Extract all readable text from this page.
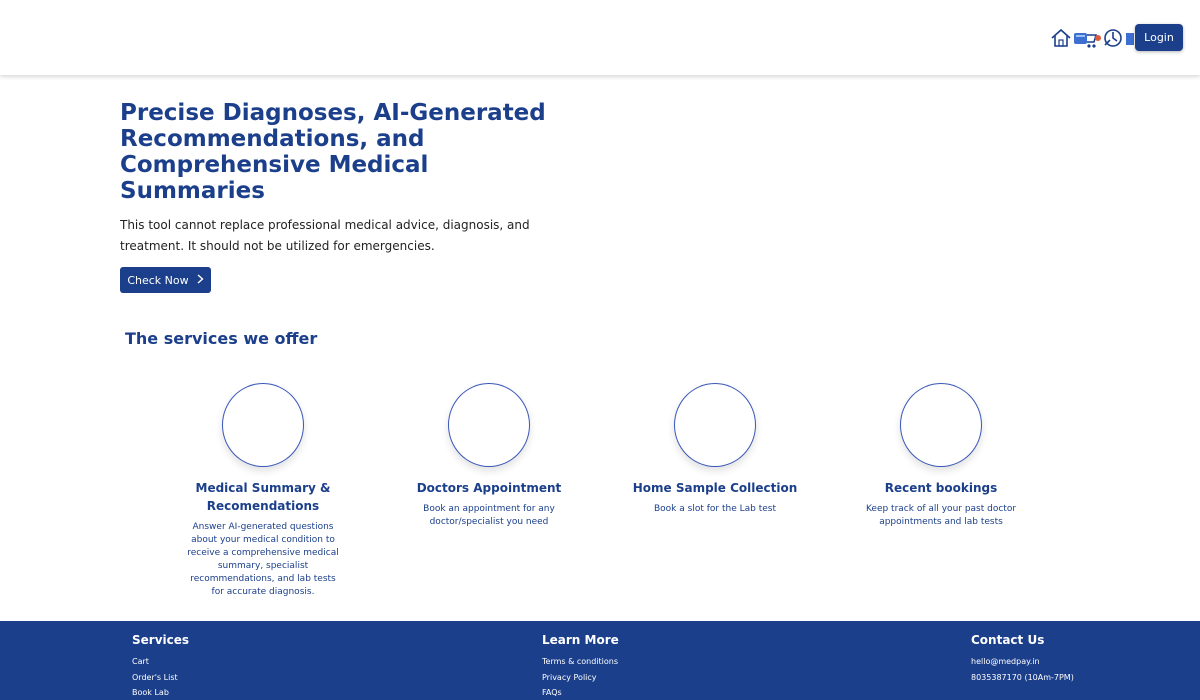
Login
Precise Diagnoses, AI-Generated Recommendations, and Comprehensive Medical Summaries

This tool cannot replace professional medical advice, diagnosis, and treatment. It should not be utilized for emergencies.

Check Now
The services we offer
Medical Summary & Recomendations
Answer AI-generated questions about your medical condition to receive a comprehensive medical summary, specialist recommendations, and lab tests for accurate diagnosis.
Doctors Appointment
Book an appointment for any doctor/specialist you need
Home Sample Collection
Book a slot for the Lab test
Recent bookings
Keep track of all your past doctor appointments and lab tests
Services
Cart
Order's List
Book Lab
Learn More
Terms & conditions
Privacy Policy
FAQs
Contact Us
hello@medpay.in
8035387170 (10Am-7PM)
